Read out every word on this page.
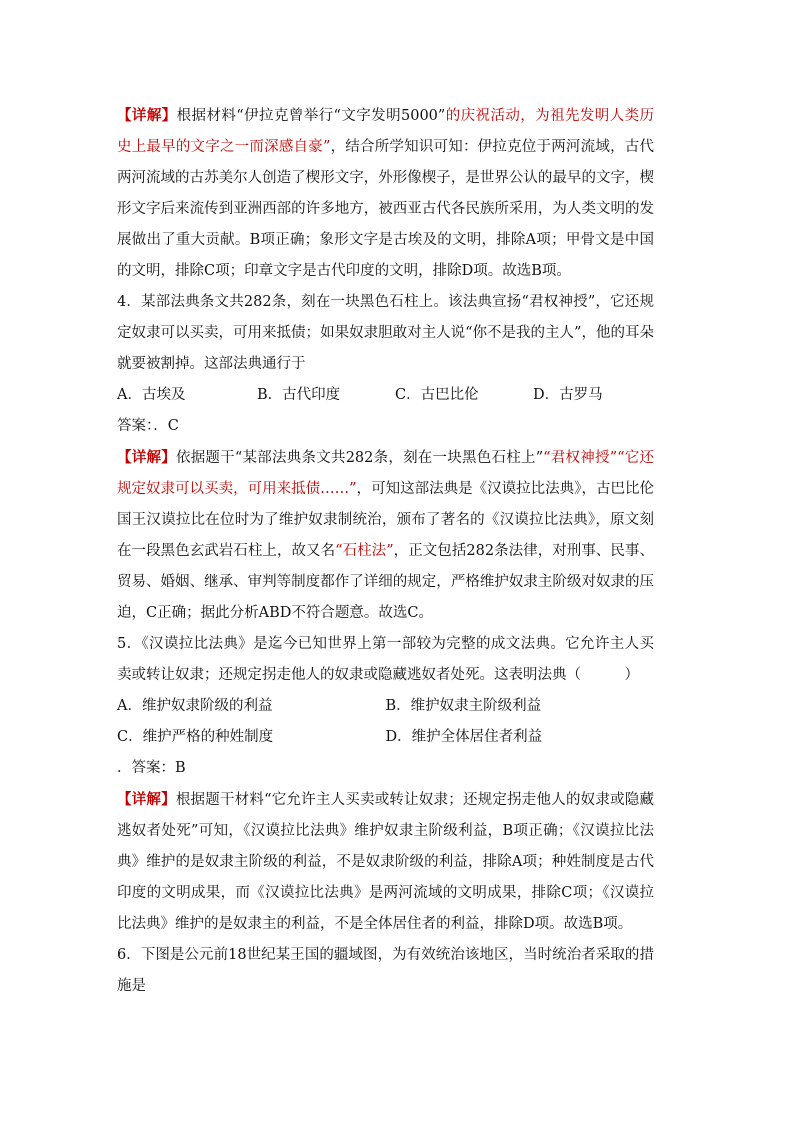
【详解】根据材料“伊拉克曾举行“文字发明5000”的庆祝活动，为祖先发明人类历史上最早的文字之一而深感自豪”，结合所学知识可知：伊拉克位于两河流域，古代两河流域的古苏美尔人创造了楔形文字，外形像楔子，是世界公认的最早的文字，楔形文字后来流传到亚洲西部的许多地方，被西亚古代各民族所采用，为人类文明的发展做出了重大贡献。B项正确；象形文字是古埃及的文明，排除A项；甲骨文是中国的文明，排除C项；印章文字是古代印度的文明，排除D项。故选B项。

4．某部法典条文共282条，刻在一块黑色石柱上。该法典宣扬“君权神授”，它还规定奴隶可以买卖，可用来抵债；如果奴隶胆敢对主人说“你不是我的主人”，他的耳朵就要被割掉。这部法典通行于

A．古埃及	B．古代印度	C．古巴比伦	D．古罗马

答案：．C

【详解】依据题干“某部法典条文共282条，刻在一块黑色石柱上”“君权神授”“它还规定奴隶可以买卖，可用来抵债……”，可知这部法典是《汉谟拉比法典》，古巴比伦国王汉谟拉比在位时为了维护奴隶制统治，颁布了著名的《汉谟拉比法典》，原文刻在一段黑色玄武岩石柱上，故又名“石柱法”，正文包括282条法律，对刑事、民事、贸易、婚姻、继承、审判等制度都作了详细的规定，严格维护奴隶主阶级对奴隶的压迫，C正确；据此分析ABD不符合题意。故选C。

5．《汉谟拉比法典》是迄今已知世界上第一部较为完整的成文法典。它允许主人买卖或转让奴隶；还规定拐走他人的奴隶或隐藏逃奴者处死。这表明法典（　　　）

A．维护奴隶阶级的利益	B．维护奴隶主阶级利益
C．维护严格的种姓制度	D．维护全体居住者利益

．答案：B

【详解】根据题干材料“它允许主人买卖或转让奴隶；还规定拐走他人的奴隶或隐藏逃奴者处死”可知，《汉谟拉比法典》维护奴隶主阶级利益，B项正确；《汉谟拉比法典》维护的是奴隶主阶级的利益，不是奴隶阶级的利益，排除A项；种姓制度是古代印度的文明成果，而《汉谟拉比法典》是两河流域的文明成果，排除C项；《汉谟拉比法典》维护的是奴隶主的利益，不是全体居住者的利益，排除D项。故选B项。

6．下图是公元前18世纪某王国的疆域图，为有效统治该地区，当时统治者采取的措施是
